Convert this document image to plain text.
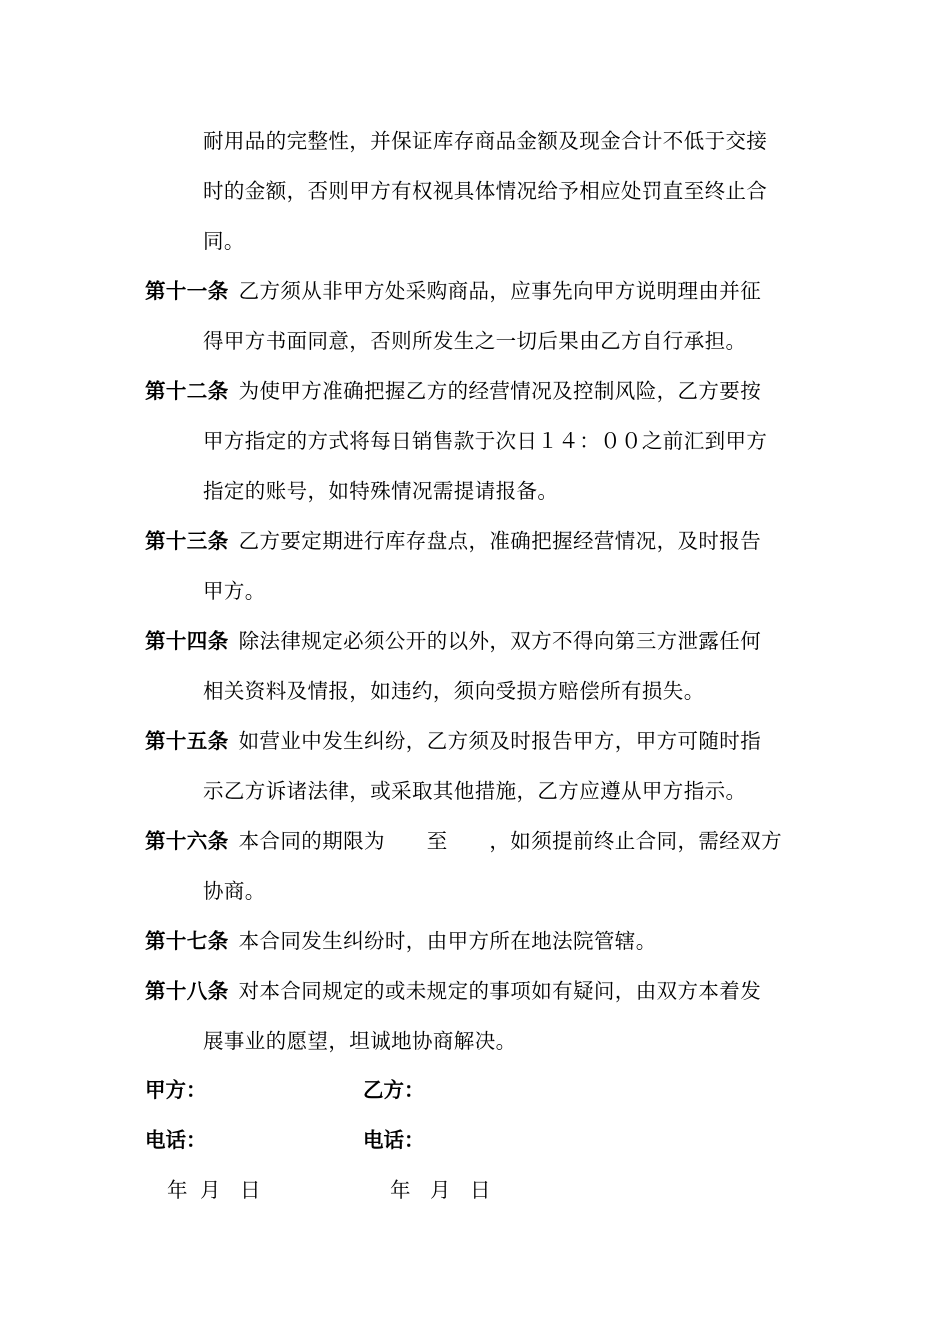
耐用品的完整性，并保证库存商品金额及现金合计不低于交接
时的金额，否则甲方有权视具体情况给予相应处罚直至终止合
同。
第十一条 乙方须从非甲方处采购商品，应事先向甲方说明理由并征
得甲方书面同意，否则所发生之一切后果由乙方自行承担。
第十二条 为使甲方准确把握乙方的经营情况及控制风险，乙方要按
甲方指定的方式将每日销售款于次日１４：００之前汇到甲方
指定的账号，如特殊情况需提请报备。
第十三条 乙方要定期进行库存盘点，准确把握经营情况，及时报告
甲方。
第十四条 除法律规定必须公开的以外，双方不得向第三方泄露任何
相关资料及情报，如违约，须向受损方赔偿所有损失。
第十五条 如营业中发生纠纷，乙方须及时报告甲方，甲方可随时指
示乙方诉诸法律，或采取其他措施，乙方应遵从甲方指示。
第十六条 本合同的期限为　　至　　，如须提前终止合同，需经双方
协商。
第十七条 本合同发生纠纷时，由甲方所在地法院管辖。
第十八条 对本合同规定的或未规定的事项如有疑问，由双方本着发
展事业的愿望，坦诚地协商解决。
甲方：	乙方：
电话：	电话：
年 月 日	年 月 日
